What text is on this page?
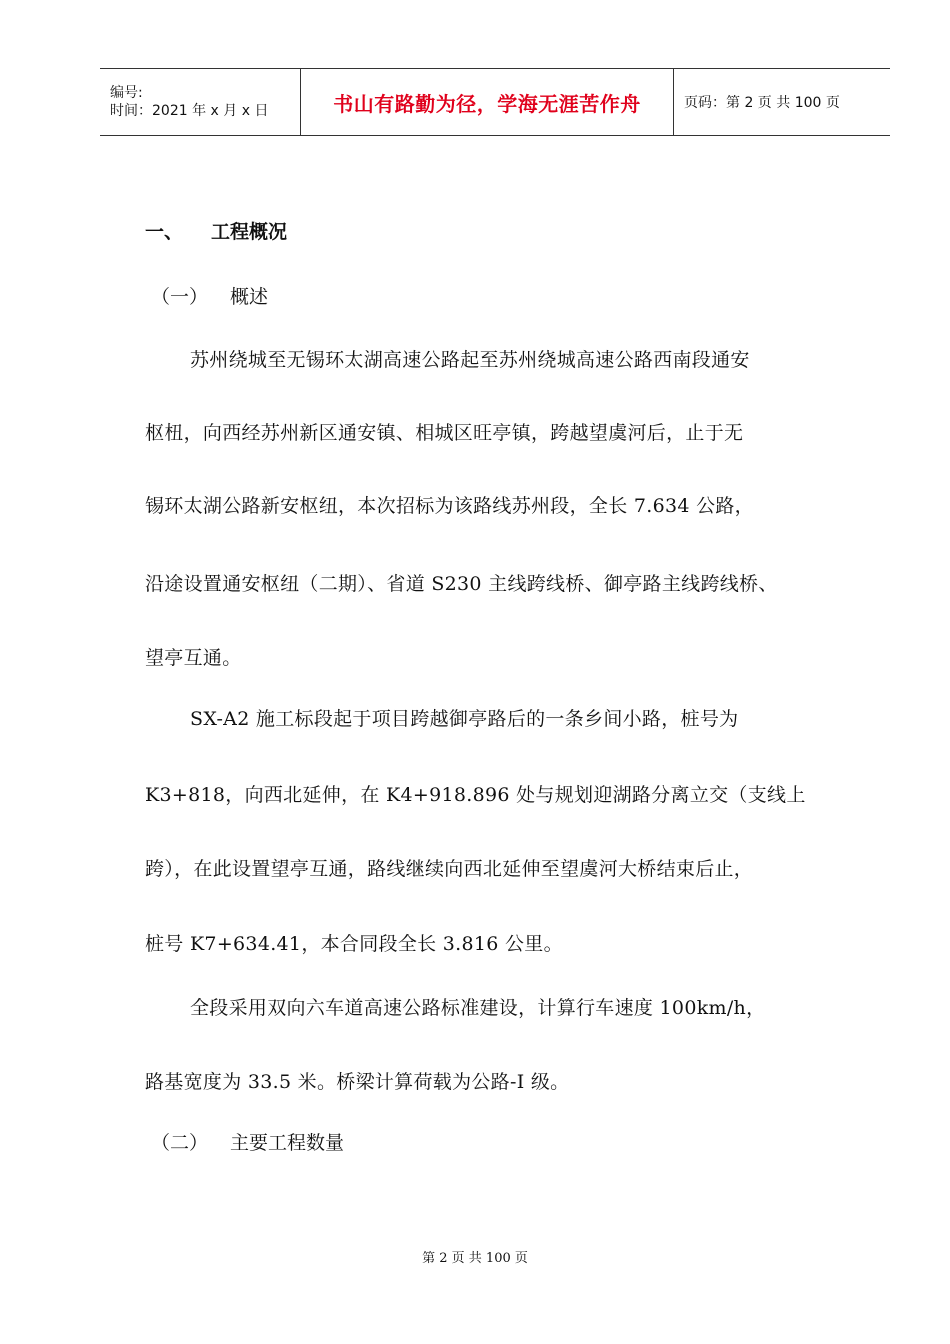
编号:
时间：2021 年 x 月 x 日	书山有路勤为径，学海无涯苦作舟	页码：第 2 页 共 100 页
一、 工程概况
（一） 概述
苏州绕城至无锡环太湖高速公路起至苏州绕城高速公路西南段通安
枢杻，向西经苏州新区通安镇、相城区旺亭镇，跨越望虞河后，止于无
锡环太湖公路新安枢纽，本次招标为该路线苏州段，全长 7.634 公路，
沿途设置通安枢纽（二期）、省道 S230 主线跨线桥、御亭路主线跨线桥、
望亭互通。
SX-A2 施工标段起于项目跨越御亭路后的一条乡间小路，桩号为
K3+818，向西北延伸，在 K4+918.896 处与规划迎湖路分离立交（支线上
跨），在此设置望亭互通，路线继续向西北延伸至望虞河大桥结束后止，
桩号 K7+634.41，本合同段全长 3.816 公里。
全段采用双向六车道高速公路标准建设，计算行车速度 100km/h，
路基宽度为 33.5 米。桥梁计算荷载为公路-Ⅰ 级。
（二） 主要工程数量
第 2 页 共 100 页
